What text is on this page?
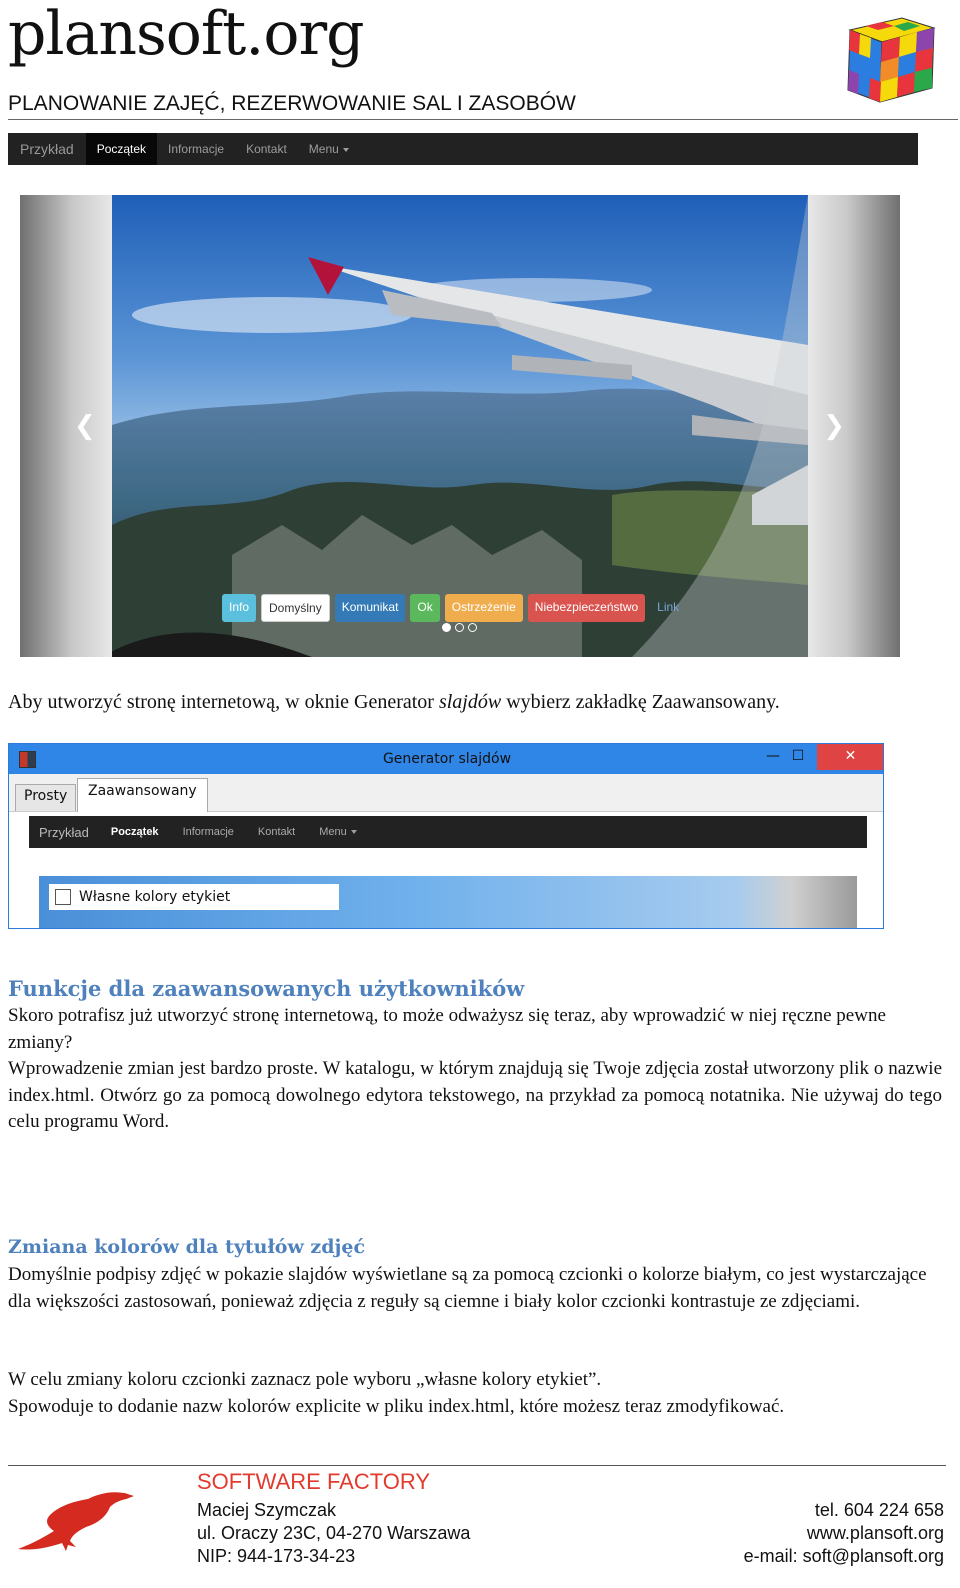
plansoft.org
PLANOWANIE ZAJĘĆ, REZERWOWANIE SAL I ZASOBÓW
Przykład	Początek	Informacje	Kontakt	Menu
❮	❯
Info	Domyślny	Komunikat	Ok	Ostrzeżenie	Niebezpieczeństwo	Link
Aby utworzyć stronę internetową, w oknie Generator slajdów wybierz zakładkę Zaawansowany.
Generator slajdów	— ☐	✕
Prosty	Zaawansowany
Przykład	Początek	Informacje	Kontakt	Menu
Własne kolory etykiet
Funkcje dla zaawansowanych użytkowników
Skoro potrafisz już utworzyć stronę internetową, to może odważysz się teraz, aby wprowadzić w niej ręczne pewne zmiany?
Wprowadzenie zmian jest bardzo proste. W katalogu, w którym znajdują się Twoje zdjęcia został utworzony plik o nazwie index.html. Otwórz go za pomocą dowolnego edytora tekstowego, na przykład za pomocą notatnika. Nie używaj do tego celu programu Word.
Zmiana kolorów dla tytułów zdjęć
Domyślnie podpisy zdjęć w pokazie slajdów wyświetlane są za pomocą czcionki o kolorze białym, co jest wystarczające dla większości zastosowań, ponieważ zdjęcia z reguły są ciemne i biały kolor czcionki kontrastuje ze zdjęciami.
W celu zmiany koloru czcionki zaznacz pole wyboru „własne kolory etykiet”.
Spowoduje to dodanie nazw kolorów explicite w pliku index.html, które możesz teraz zmodyfikować.
SOFTWARE FACTORY
Maciej Szymczak
ul. Oraczy 23C, 04-270 Warszawa
NIP: 944-173-34-23
tel. 604 224 658
www.plansoft.org
e-mail: soft@plansoft.org
